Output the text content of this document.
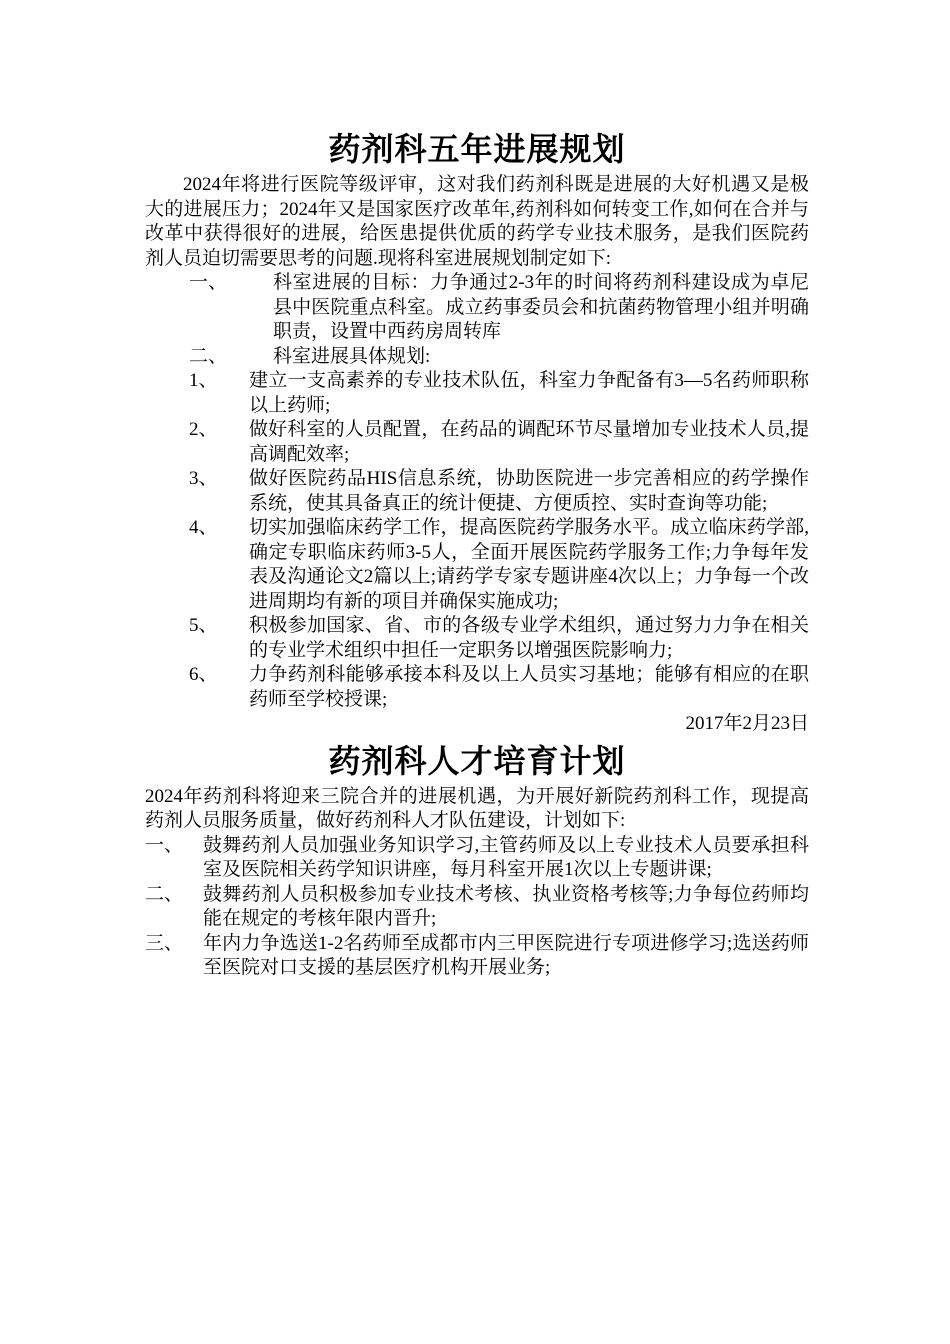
药剂科五年进展规划

2024年将进行医院等级评审，这对我们药剂科既是进展的大好机遇又是极大的进展压力；2024年又是国家医疗改革年,药剂科如何转变工作,如何在合并与改革中获得很好的进展，给医患提供优质的药学专业技术服务，是我们医院药剂人员迫切需要思考的问题.现将科室进展规划制定如下:

一、	科室进展的目标：力争通过2-3年的时间将药剂科建设成为卓尼县中医院重点科室。成立药事委员会和抗菌药物管理小组并明确职责，设置中西药房周转库
二、	科室进展具体规划:
1、	建立一支高素养的专业技术队伍，科室力争配备有3—5名药师职称以上药师;
2、	做好科室的人员配置，在药品的调配环节尽量增加专业技术人员,提高调配效率;
3、	做好医院药品HIS信息系统，协助医院进一步完善相应的药学操作系统，使其具备真正的统计便捷、方便质控、实时查询等功能;
4、	切实加强临床药学工作，提高医院药学服务水平。成立临床药学部,确定专职临床药师3-5人，全面开展医院药学服务工作;力争每年发表及沟通论文2篇以上;请药学专家专题讲座4次以上；力争每一个改进周期均有新的项目并确保实施成功;
5、	积极参加国家、省、市的各级专业学术组织，通过努力力争在相关的专业学术组织中担任一定职务以增强医院影响力;
6、	力争药剂科能够承接本科及以上人员实习基地；能够有相应的在职药师至学校授课;

2017年2月23日

药剂科人才培育计划

2024年药剂科将迎来三院合并的进展机遇，为开展好新院药剂科工作，现提高药剂人员服务质量，做好药剂科人才队伍建设，计划如下:

一、	鼓舞药剂人员加强业务知识学习,主管药师及以上专业技术人员要承担科室及医院相关药学知识讲座，每月科室开展1次以上专题讲课;
二、	鼓舞药剂人员积极参加专业技术考核、执业资格考核等;力争每位药师均能在规定的考核年限内晋升;
三、	年内力争选送1-2名药师至成都市内三甲医院进行专项进修学习;选送药师至医院对口支援的基层医疗机构开展业务;
